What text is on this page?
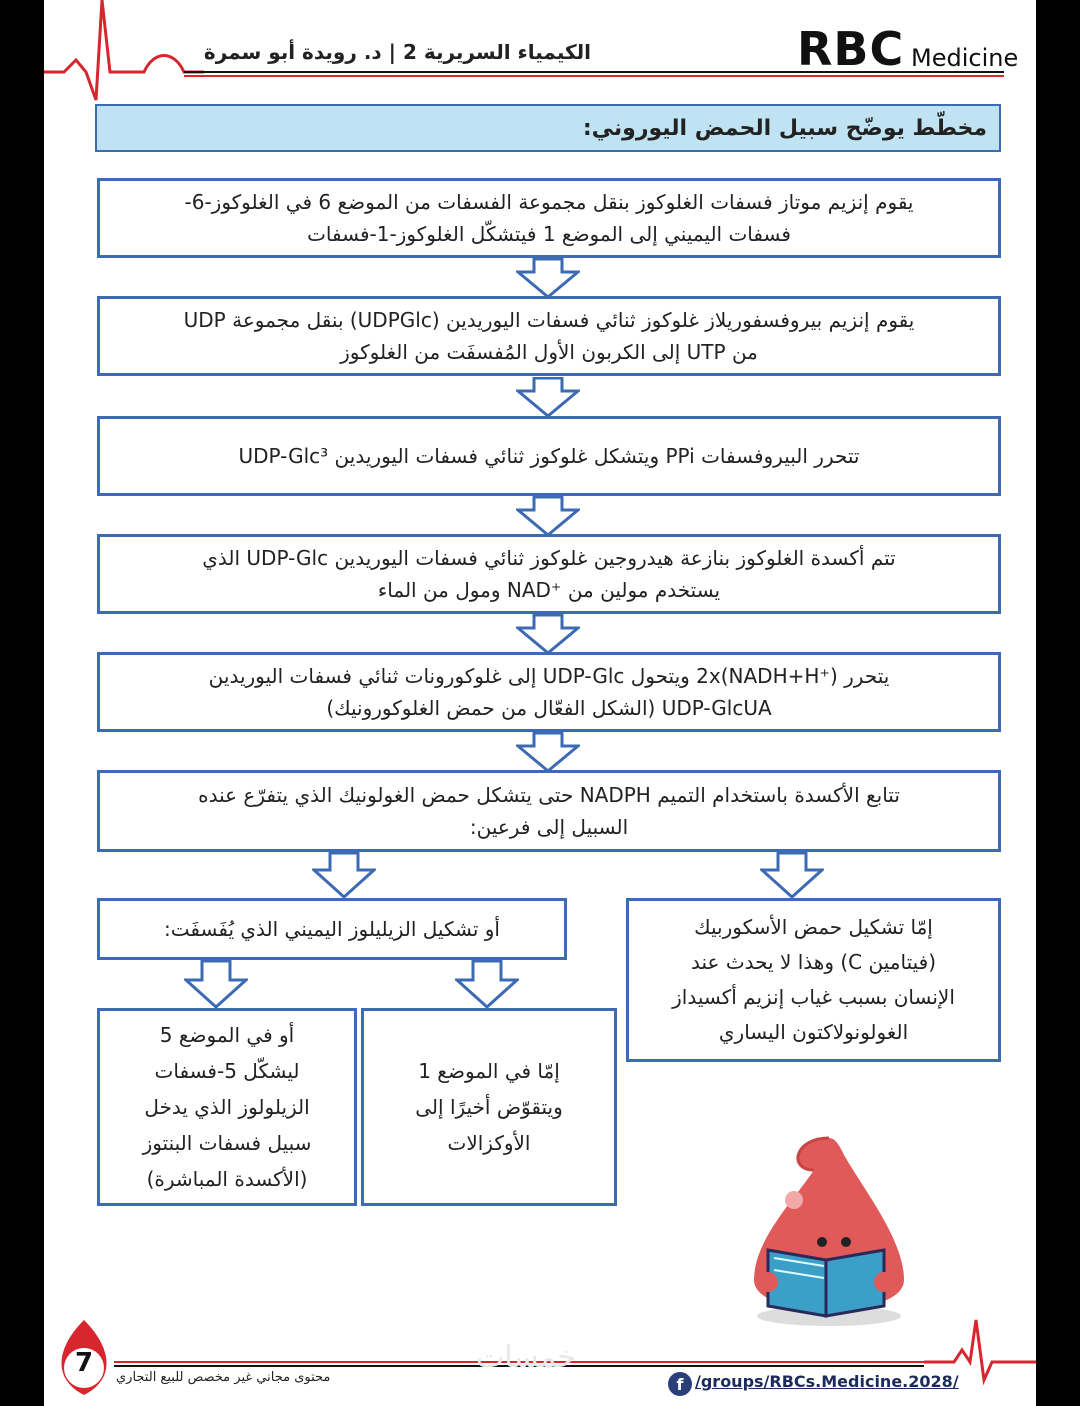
الكيمياء السريرية 2 | د. رويدة أبو سمرة	RBC Medicine
مخطّط يوضّح سبيل الحمض اليوروني:
يقوم إنزيم موتاز فسفات الغلوكوز بنقل مجموعة الفسفات من الموضع 6 في الغلوكوز-6-
فسفات اليميني إلى الموضع 1 فيتشكّل الغلوكوز-1-فسفات
يقوم إنزيم بيروفسفوريلاز غلوكوز ثنائي فسفات اليوريدين (UDPGlc) بنقل مجموعة UDP
من UTP إلى الكربون الأول المُفسفَت من الغلوكوز
تتحرر البيروفسفات PPi ويتشكل غلوكوز ثنائي فسفات اليوريدين UDP-Glc³
تتم أكسدة الغلوكوز بنازعة هيدروجين غلوكوز ثنائي فسفات اليوريدين UDP-Glc الذي
يستخدم مولين من ⁺NAD ومول من الماء
يتحرر (⁺2x(NADH+H ويتحول UDP-Glc إلى غلوكورونات ثنائي فسفات اليوريدين
UDP-GlcUA (الشكل الفعّال من حمض الغلوكورونيك)
تتابع الأكسدة باستخدام التميم NADPH حتى يتشكل حمض الغولونيك الذي يتفرّع عنده
السبيل إلى فرعين:
إمّا تشكيل حمض الأسكوربيك
(فيتامين C) وهذا لا يحدث عند
الإنسان بسبب غياب إنزيم أكسيداز
الغولونولاكتون اليساري
أو تشكيل الزيليلوز اليميني الذي يُفَسفَت:
إمّا في الموضع 1
ويتقوّض أخيرًا إلى
الأوكزالات
أو في الموضع 5
ليشكّل 5-فسفات
الزيلولوز الذي يدخل
سبيل فسفات البنتوز
(الأكسدة المباشرة)
7	خمسات
محتوى مجاني غير مخصص للبيع التجاري	f /groups/RBCs.Medicine.2028/
